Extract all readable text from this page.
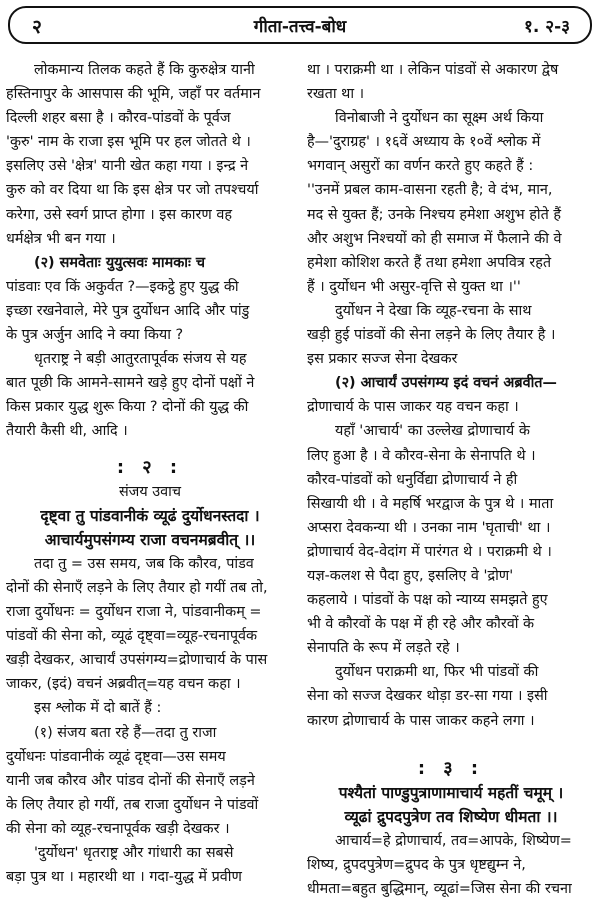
२	गीता-तत्त्व-बोध	१. २-३
लोकमान्य तिलक कहते हैं कि कुरुक्षेत्र यानी
हस्तिनापुर के आसपास की भूमि, जहाँ पर वर्तमान
दिल्ली शहर बसा है । कौरव-पांडवों के पूर्वज
'कुरु' नाम के राजा इस भूमि पर हल जोतते थे ।
इसलिए उसे 'क्षेत्र' यानी खेत कहा गया । इन्द्र ने
कुरु को वर दिया था कि इस क्षेत्र पर जो तपश्चर्या
करेगा, उसे स्वर्ग प्राप्त होगा । इस कारण वह
धर्मक्षेत्र भी बन गया ।
(२) समवेताः युयुत्सवः मामकाः च
पांडवाः एव किं अकुर्वत ?—इकट्ठे हुए युद्ध की
इच्छा रखनेवाले, मेरे पुत्र दुर्योधन आदि और पांडु
के पुत्र अर्जुन आदि ने क्या किया ?
धृतराष्ट्र ने बड़ी आतुरतापूर्वक संजय से यह
बात पूछी कि आमने-सामने खड़े हुए दोनों पक्षों ने
किस प्रकार युद्ध शुरू किया ? दोनों की युद्ध की
तैयारी कैसी थी, आदि ।
: २ :
संजय उवाच
दृष्ट्वा तु पांडवानीकं व्यूढं दुर्योधनस्तदा ।
आचार्यमुपसंगम्य राजा वचनमब्रवीत् ।।
तदा तु = उस समय, जब कि कौरव, पांडव
दोनों की सेनाएँ लड़ने के लिए तैयार हो गयीं तब तो,
राजा दुर्योधनः = दुर्योधन राजा ने, पांडवानीकम् =
पांडवों की सेना को, व्यूढं दृष्ट्वा=व्यूह-रचनापूर्वक
खड़ी देखकर, आचार्यं उपसंगम्य=द्रोणाचार्य के पास
जाकर, (इदं) वचनं अब्रवीत्=यह वचन कहा ।
इस श्लोक में दो बातें हैं :
(१) संजय बता रहे हैं—तदा तु राजा
दुर्योधनः पांडवानीकं व्यूढं दृष्ट्वा—उस समय
यानी जब कौरव और पांडव दोनों की सेनाएँ लड़ने
के लिए तैयार हो गयीं, तब राजा दुर्योधन ने पांडवों
की सेना को व्यूह-रचनापूर्वक खड़ी देखकर ।
'दुर्योधन' धृतराष्ट्र और गांधारी का सबसे
बड़ा पुत्र था । महारथी था । गदा-युद्ध में प्रवीण
था । पराक्रमी था । लेकिन पांडवों से अकारण द्वेष
रखता था ।
विनोबाजी ने दुर्योधन का सूक्ष्म अर्थ किया
है—'दुराग्रह' । १६वें अध्याय के १०वें श्लोक में
भगवान् असुरों का वर्णन करते हुए कहते हैं :
''उनमें प्रबल काम-वासना रहती है; वे दंभ, मान,
मद से युक्त हैं; उनके निश्चय हमेशा अशुभ होते हैं
और अशुभ निश्चयों को ही समाज में फैलाने की वे
हमेशा कोशिश करते हैं तथा हमेशा अपवित्र रहते
हैं । दुर्योधन भी असुर-वृत्ति से युक्त था ।''
दुर्योधन ने देखा कि व्यूह-रचना के साथ
खड़ी हुई पांडवों की सेना लड़ने के लिए तैयार है ।
इस प्रकार सज्ज सेना देखकर
(२) आचार्यं उपसंगम्य इदं वचनं अब्रवीत—
द्रोणाचार्य के पास जाकर यह वचन कहा ।
यहाँ 'आचार्य' का उल्लेख द्रोणाचार्य के
लिए हुआ है । वे कौरव-सेना के सेनापति थे ।
कौरव-पांडवों को धनुर्विद्या द्रोणाचार्य ने ही
सिखायी थी । वे महर्षि भरद्वाज के पुत्र थे । माता
अप्सरा देवकन्या थी । उनका नाम 'घृताची' था ।
द्रोणाचार्य वेद-वेदांग में पारंगत थे । पराक्रमी थे ।
यज्ञ-कलश से पैदा हुए, इसलिए वे 'द्रोण'
कहलाये । पांडवों के पक्ष को न्याय्य समझते हुए
भी वे कौरवों के पक्ष में ही रहे और कौरवों के
सेनापति के रूप में लड़ते रहे ।
दुर्योधन पराक्रमी था, फिर भी पांडवों की
सेना को सज्ज देखकर थोड़ा डर-सा गया । इसी
कारण द्रोणाचार्य के पास जाकर कहने लगा ।
: ३ :
पश्यैतां पाण्डुपुत्राणामाचार्य महतीं चमूम् ।
व्यूढां द्रुपदपुत्रेण तव शिष्येण धीमता ।।
आचार्य=हे द्रोणाचार्य, तव=आपके, शिष्येण=
शिष्य, द्रुपदपुत्रेण=द्रुपद के पुत्र धृष्टद्युम्न ने,
धीमता=बहुत बुद्धिमान्, व्यूढां=जिस सेना की रचना
